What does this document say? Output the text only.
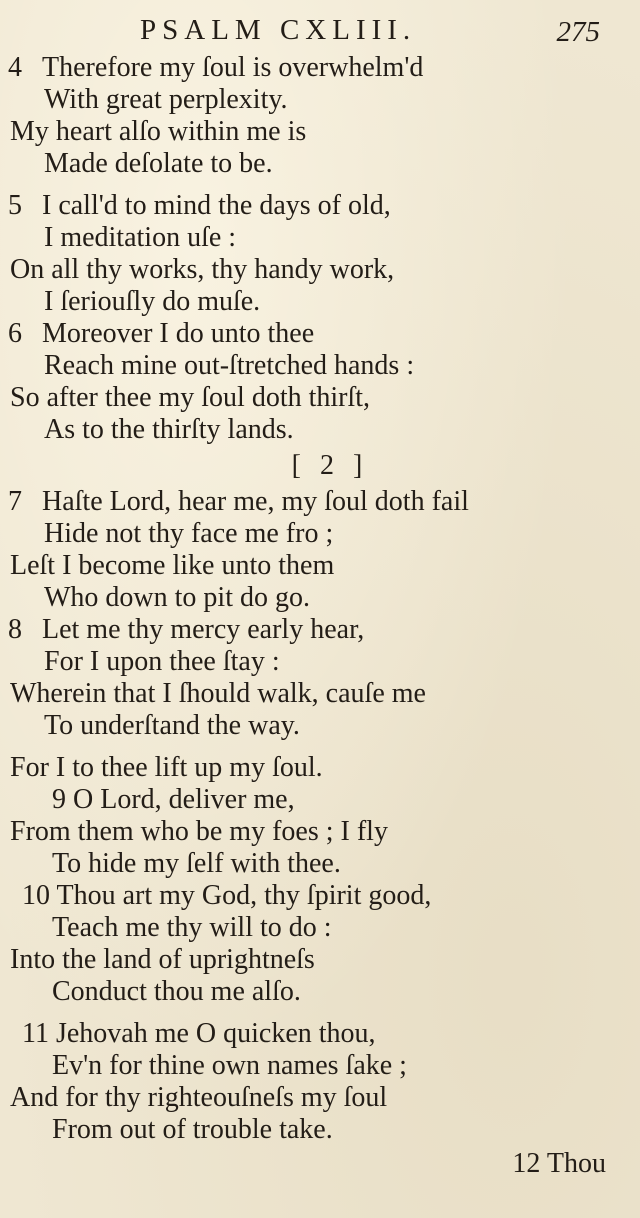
PSALM CXLIII.	275
4 Therefore my ſoul is overwhelm'd
With great perplexity.
My heart alſo within me is
Made deſolate to be.
5 I call'd to mind the days of old,
I meditation uſe :
On all thy works, thy handy work,
I ſeriouſly do muſe.
6 Moreover I do unto thee
Reach mine out-ſtretched hands :
So after thee my ſoul doth thirſt,
As to the thirſty lands.
[ 2 ]
7 Haſte Lord, hear me, my ſoul doth fail
Hide not thy face me fro ;
Leſt I become like unto them
Who down to pit do go.
8 Let me thy mercy early hear,
For I upon thee ſtay :
Wherein that I ſhould walk, cauſe me
To underſtand the way.
For I to thee lift up my ſoul.
9 O Lord, deliver me,
From them who be my foes ; I fly
To hide my ſelf with thee.
10 Thou art my God, thy ſpirit good,
Teach me thy will to do :
Into the land of uprightneſs
Conduct thou me alſo.
11 Jehovah me O quicken thou,
Ev'n for thine own names ſake ;
And for thy righteouſneſs my ſoul
From out of trouble take.
12 Thou
